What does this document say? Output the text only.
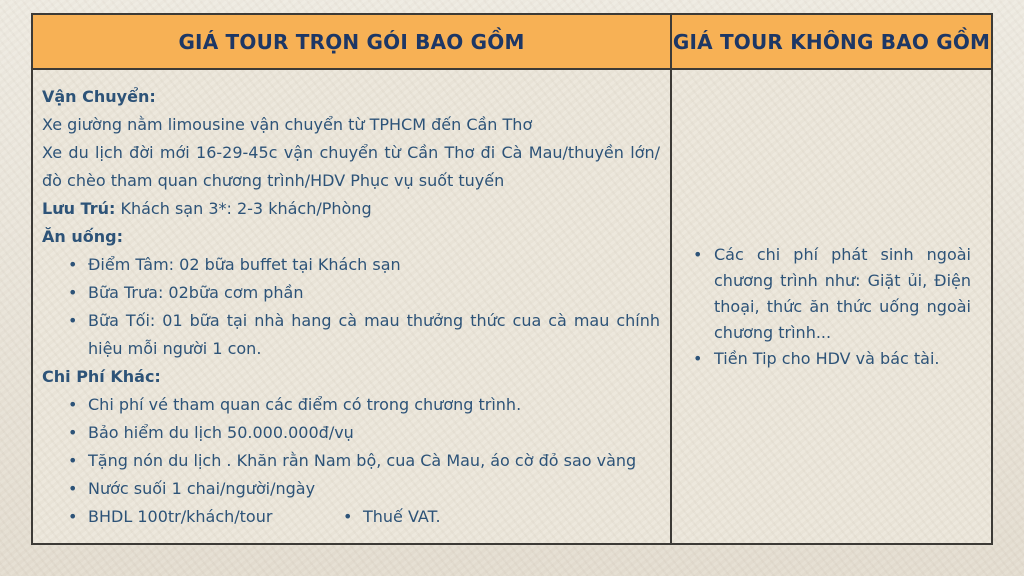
GIÁ TOUR TRỌN GÓI BAO GỒM	GIÁ TOUR KHÔNG BAO GỒM
Vận Chuyển:
Xe giường nằm limousine vận chuyển từ TPHCM đến Cần Thơ
Xe du lịch đời mới 16-29-45c vận chuyển từ Cần Thơ đi Cà Mau/thuyền lớn/đò chèo tham quan chương trình/HDV Phục vụ suốt tuyến
Lưu Trú: Khách sạn 3*: 2-3 khách/Phòng
Ăn uống:
• Điểm Tâm: 02 bữa buffet tại Khách sạn
• Bữa Trưa: 02bữa cơm phần
• Bữa Tối: 01 bữa tại nhà hang cà mau thưởng thức cua cà mau chính hiệu mỗi người 1 con.
Chi Phí Khác:
• Chi phí vé tham quan các điểm có trong chương trình.
• Bảo hiểm du lịch 50.000.000đ/vụ
• Tặng nón du lịch . Khăn rằn Nam bộ, cua Cà Mau, áo cờ đỏ sao vàng
• Nước suối 1 chai/người/ngày
• BHDL 100tr/khách/tour	• Thuế VAT.
• Các chi phí phát sinh ngoài chương trình như: Giặt ủi, Điện thoại, thức ăn thức uống ngoài chương trình...
• Tiền Tip cho HDV và bác tài.
